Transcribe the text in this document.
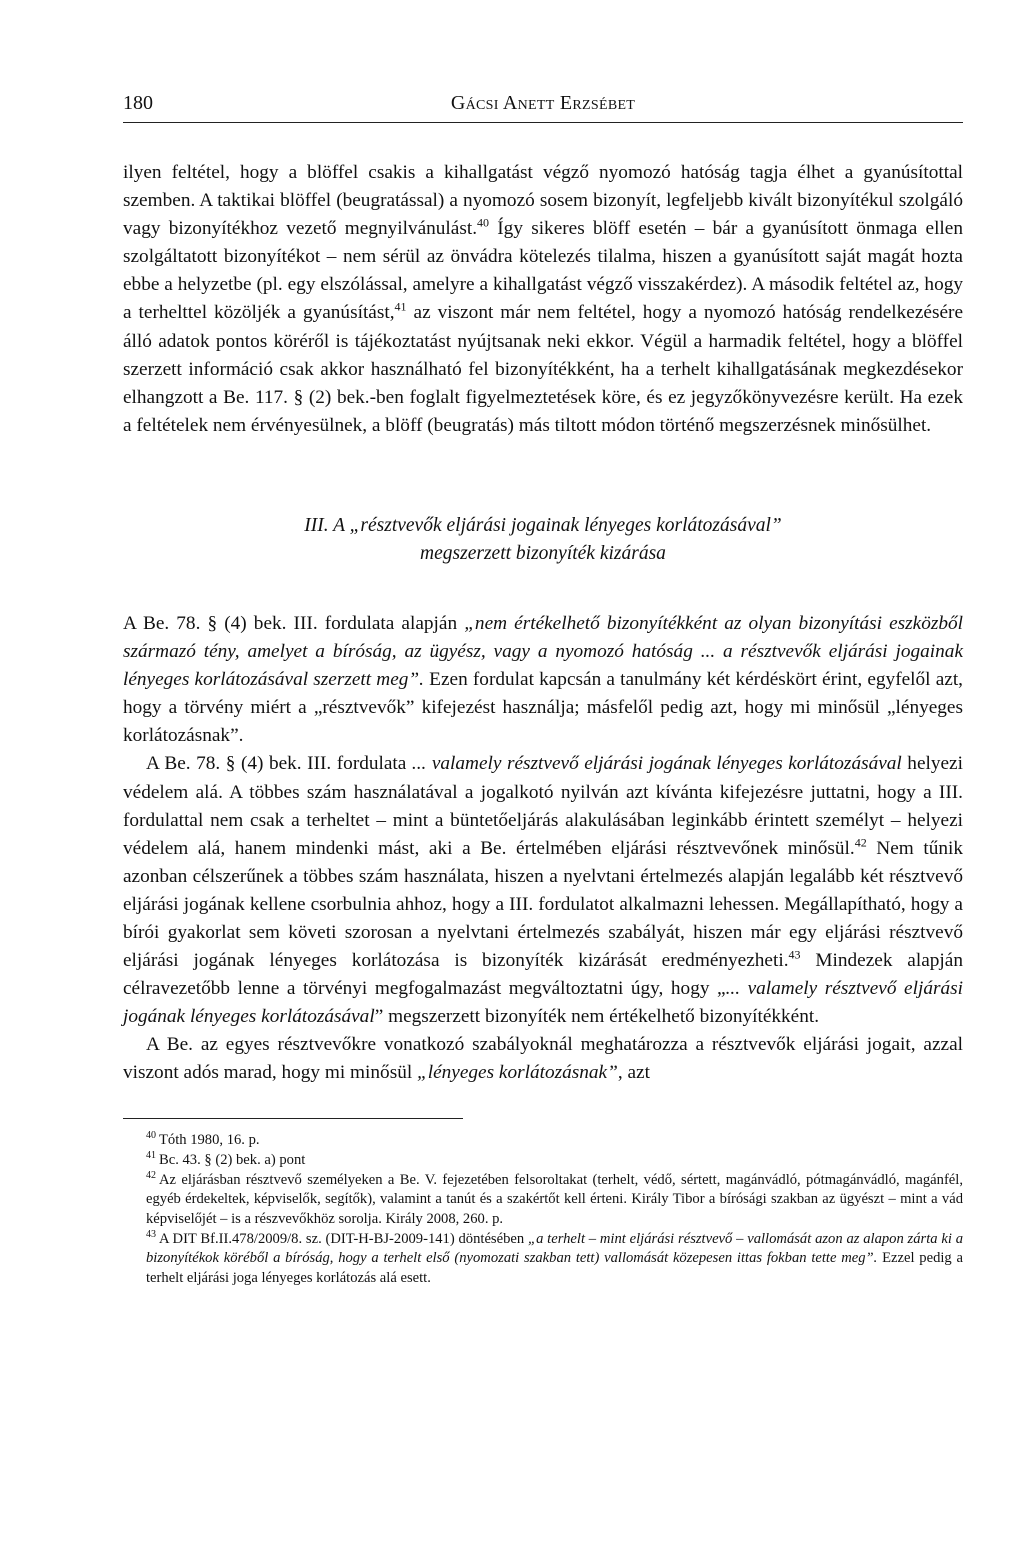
180	Gácsi Anett Erzsébet

ilyen feltétel, hogy a blöffel csakis a kihallgatást végző nyomozó hatóság tagja élhet a gyanúsítottal szemben. A taktikai blöffel (beugratással) a nyomozó sosem bizonyít, legfeljebb kivált bizonyítékul szolgáló vagy bizonyítékhoz vezető megnyilvánulást.$^{40}$ Így sikeres blöff esetén – bár a gyanúsított önmaga ellen szolgáltatott bizonyítékot – nem sérül az önvádra kötelezés tilalma, hiszen a gyanúsított saját magát hozta ebbe a helyzetbe (pl. egy elszólással, amelyre a kihallgatást végző visszakérdez). A második feltétel az, hogy a terhelttel közöljék a gyanúsítást,$^{41}$ az viszont már nem feltétel, hogy a nyomozó hatóság rendelkezésére álló adatok pontos köréről is tájékoztatást nyújtsanak neki ekkor. Végül a harmadik feltétel, hogy a blöffel szerzett információ csak akkor használható fel bizonyítékként, ha a terhelt kihallgatásának megkezdésekor elhangzott a Be. 117. § (2) bek.-ben foglalt figyelmeztetések köre, és ez jegyzőkönyvezésre került. Ha ezek a feltételek nem érvényesülnek, a blöff (beugratás) más tiltott módon történő megszerzésnek minősülhet.

III. A „résztvevők eljárási jogainak lényeges korlátozásával”
megszerzett bizonyíték kizárása

A Be. 78. § (4) bek. III. fordulata alapján „nem értékelhető bizonyítékként az olyan bizonyítási eszközből származó tény, amelyet a bíróság, az ügyész, vagy a nyomozó hatóság ... a résztvevők eljárási jogainak lényeges korlátozásával szerzett meg”. Ezen fordulat kapcsán a tanulmány két kérdéskört érint, egyfelől azt, hogy a törvény miért a „résztvevők” kifejezést használja; másfelől pedig azt, hogy mi minősül „lényeges korlátozásnak”.

A Be. 78. § (4) bek. III. fordulata ... valamely résztvevő eljárási jogának lényeges korlátozásával helyezi védelem alá. A többes szám használatával a jogalkotó nyilván azt kívánta kifejezésre juttatni, hogy a III. fordulattal nem csak a terheltet – mint a büntetőeljárás alakulásában leginkább érintett személyt – helyezi védelem alá, hanem mindenki mást, aki a Be. értelmében eljárási résztvevőnek minősül.$^{42}$ Nem tűnik azonban célszerűnek a többes szám használata, hiszen a nyelvtani értelmezés alapján legalább két résztvevő eljárási jogának kellene csorbulnia ahhoz, hogy a III. fordulatot alkalmazni lehessen. Megállapítható, hogy a bírói gyakorlat sem követi szorosan a nyelvtani értelmezés szabályát, hiszen már egy eljárási résztvevő eljárási jogának lényeges korlátozása is bizonyíték kizárását eredményezheti.$^{43}$ Mindezek alapján célravezetőbb lenne a törvényi megfogalmazást megváltoztatni úgy, hogy „... valamely résztvevő eljárási jogának lényeges korlátozásával” megszerzett bizonyíték nem értékelhető bizonyítékként.

A Be. az egyes résztvevőkre vonatkozó szabályoknál meghatározza a résztvevők eljárási jogait, azzal viszont adós marad, hogy mi minősül „lényeges korlátozásnak”, azt

$^{40}$ Tóth 1980, 16. p.
$^{41}$ Bc. 43. § (2) bek. a) pont
$^{42}$ Az eljárásban résztvevő személyeken a Be. V. fejezetében felsoroltakat (terhelt, védő, sértett, magánvádló, pótmagánvádló, magánfél, egyéb érdekeltek, képviselők, segítők), valamint a tanút és a szakértőt kell érteni. Király Tibor a bírósági szakban az ügyészt – mint a vád képviselőjét – is a részvevőkhöz sorolja. Király 2008, 260. p.
$^{43}$ A DIT Bf.II.478/2009/8. sz. (DIT-H-BJ-2009-141) döntésében „a terhelt – mint eljárási résztvevő – vallomását azon az alapon zárta ki a bizonyítékok köréből a bíróság, hogy a terhelt első (nyomozati szakban tett) vallomását közepesen ittas fokban tette meg”. Ezzel pedig a terhelt eljárási joga lényeges korlátozás alá esett.
